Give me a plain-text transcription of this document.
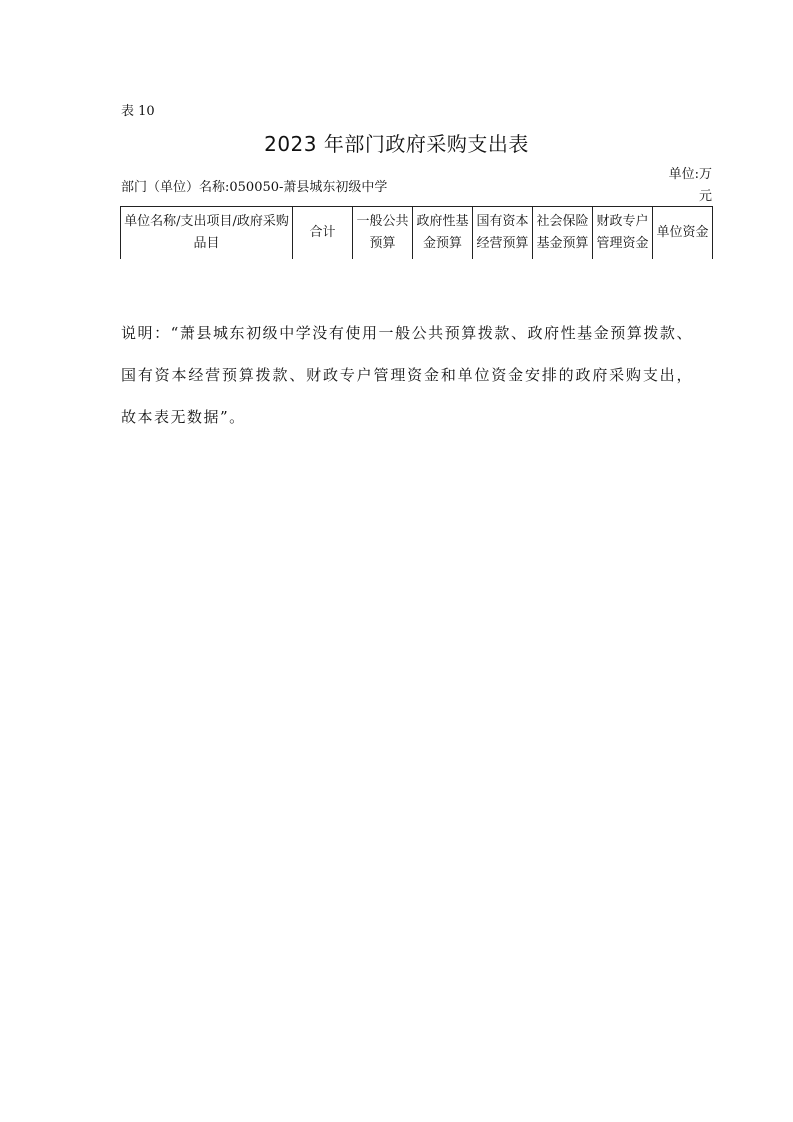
表 10
2023 年部门政府采购支出表
部门（单位）名称:050050-萧县城东初级中学
单位:万元
单位名称/支出项目/政府采购品目	合计	一般公共预算	政府性基金预算	国有资本经营预算	社会保险基金预算	财政专户管理资金	单位资金
说明：“萧县城东初级中学没有使用一般公共预算拨款、政府性基金预算拨款、国有资本经营预算拨款、财政专户管理资金和单位资金安排的政府采购支出，故本表无数据”。
